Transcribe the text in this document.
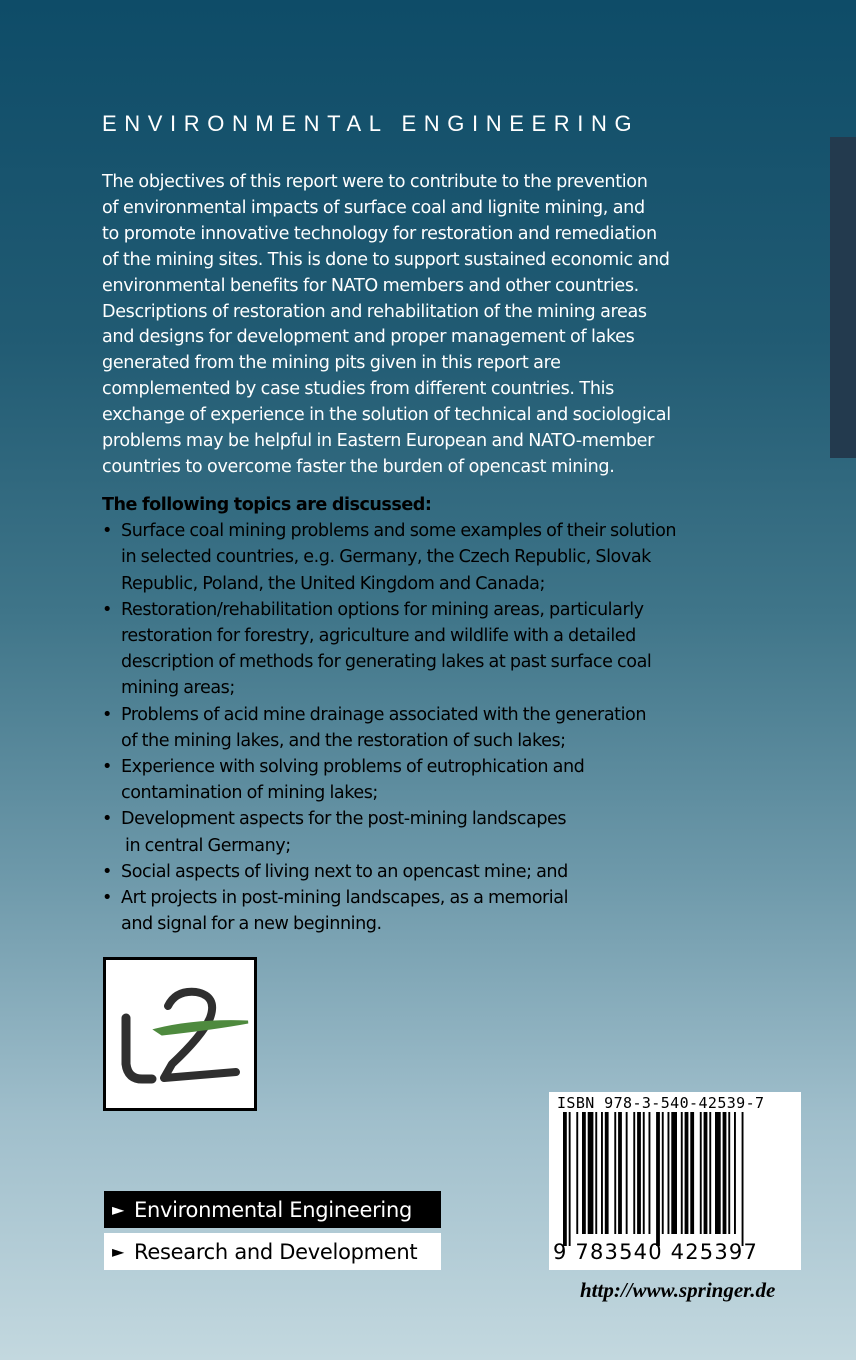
ENVIRONMENTAL ENGINEERING
The objectives of this report were to contribute to the prevention
of environmental impacts of surface coal and lignite mining, and
to promote innovative technology for restoration and remediation
of the mining sites. This is done to support sustained economic and
environmental benefits for NATO members and other countries.
Descriptions of restoration and rehabilitation of the mining areas
and designs for development and proper management of lakes
generated from the mining pits given in this report are
complemented by case studies from different countries. This
exchange of experience in the solution of technical and sociological
problems may be helpful in Eastern European and NATO-member
countries to overcome faster the burden of opencast mining.
The following topics are discussed:
• Surface coal mining problems and some examples of their solution
in selected countries, e.g. Germany, the Czech Republic, Slovak
Republic, Poland, the United Kingdom and Canada;
• Restoration/rehabilitation options for mining areas, particularly
restoration for forestry, agriculture and wildlife with a detailed
description of methods for generating lakes at past surface coal
mining areas;
• Problems of acid mine drainage associated with the generation
of the mining lakes, and the restoration of such lakes;
• Experience with solving problems of eutrophication and
contamination of mining lakes;
• Development aspects for the post-mining landscapes
in central Germany;
• Social aspects of living next to an opencast mine; and
• Art projects in post-mining landscapes, as a memorial
and signal for a new beginning.
► Environmental Engineering
► Research and Development
ISBN 978-3-540-42539-7
9 783540 425397
http://www.springer.de
